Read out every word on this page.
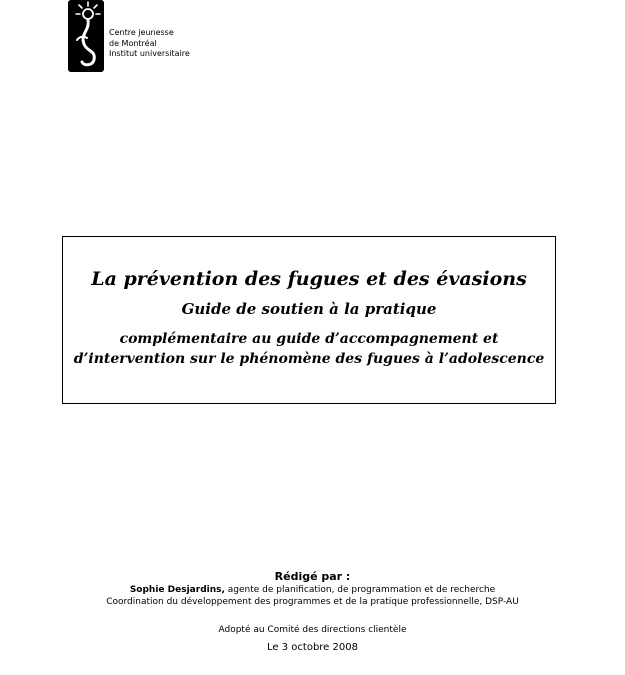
Centre jeunesse
de Montréal
Institut universitaire
La prévention des fugues et des évasions
Guide de soutien à la pratique
complémentaire au guide d’accompagnement et
d’intervention sur le phénomène des fugues à l’adolescence
Rédigé par :
Sophie Desjardins, agente de planification, de programmation et de recherche
Coordination du développement des programmes et de la pratique professionnelle, DSP-AU
Adopté au Comité des directions clientèle
Le 3 octobre 2008
